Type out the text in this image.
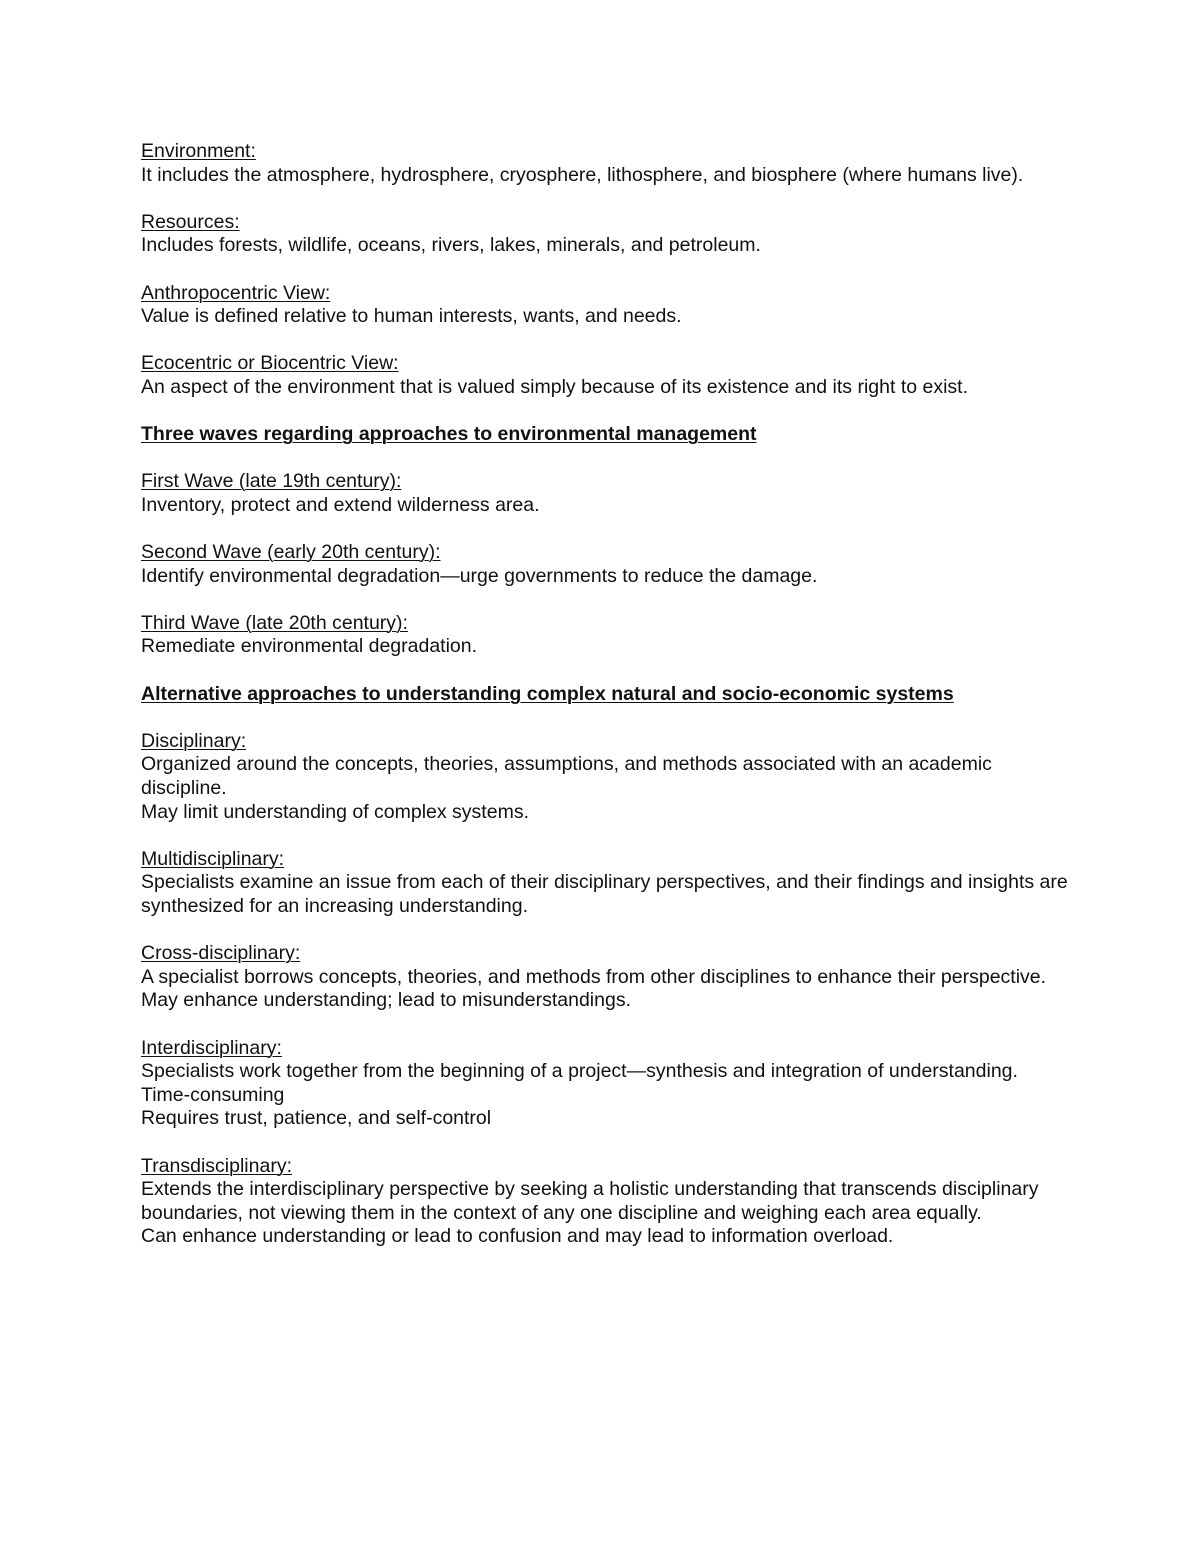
Environment:
It includes the atmosphere, hydrosphere, cryosphere, lithosphere, and biosphere (where humans live).
Resources:
Includes forests, wildlife, oceans, rivers, lakes, minerals, and petroleum.
Anthropocentric View:
Value is defined relative to human interests, wants, and needs.
Ecocentric or Biocentric View:
An aspect of the environment that is valued simply because of its existence and its right to exist.
Three waves regarding approaches to environmental management
First Wave (late 19th century):
Inventory, protect and extend wilderness area.
Second Wave (early 20th century):
Identify environmental degradation—urge governments to reduce the damage.
Third Wave (late 20th century):
Remediate environmental degradation.
Alternative approaches to understanding complex natural and socio-economic systems
Disciplinary:
Organized around the concepts, theories, assumptions, and methods associated with an academic discipline.
May limit understanding of complex systems.
Multidisciplinary:
Specialists examine an issue from each of their disciplinary perspectives, and their findings and insights are synthesized for an increasing understanding.
Cross-disciplinary:
A specialist borrows concepts, theories, and methods from other disciplines to enhance their perspective.
May enhance understanding; lead to misunderstandings.
Interdisciplinary:
Specialists work together from the beginning of a project—synthesis and integration of understanding.
Time-consuming
Requires trust, patience, and self-control
Transdisciplinary:
Extends the interdisciplinary perspective by seeking a holistic understanding that transcends disciplinary boundaries, not viewing them in the context of any one discipline and weighing each area equally.
Can enhance understanding or lead to confusion and may lead to information overload.
